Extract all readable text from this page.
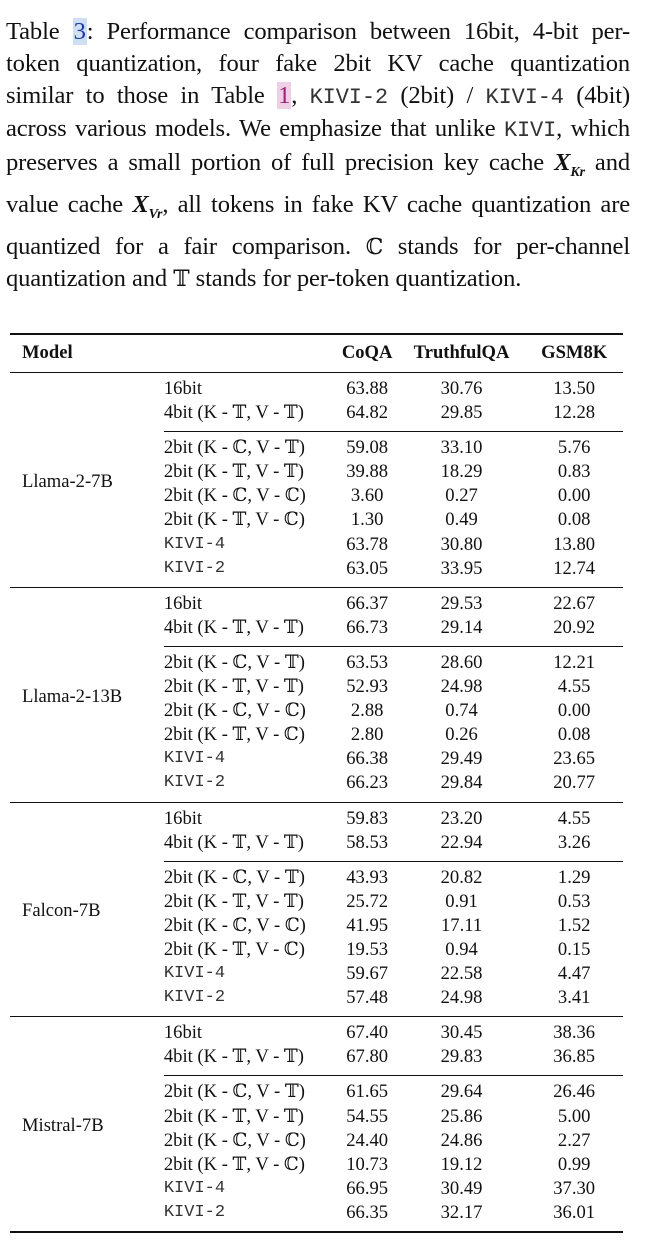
Table 3: Performance comparison between 16bit, 4-bit per-token quantization, four fake 2bit KV cache quantization similar to those in Table 1, KIVI-2 (2bit) / KIVI-4 (4bit) across various models. We emphasize that unlike KIVI, which preserves a small portion of full precision key cache $X_{Kr}$ and value cache $X_{Vr}$, all tokens in fake KV cache quantization are quantized for a fair comparison. ℂ stands for per-channel quantization and 𝕋 stands for per-token quantization.
Model		CoQA	TruthfulQA	GSM8K
Llama-2-7B	16bit	63.88	30.76	13.50
	4bit (K - 𝕋, V - 𝕋)	64.82	29.85	12.28
	2bit (K - ℂ, V - 𝕋)	59.08	33.10	5.76
	2bit (K - 𝕋, V - 𝕋)	39.88	18.29	0.83
	2bit (K - ℂ, V - ℂ)	3.60	0.27	0.00
	2bit (K - 𝕋, V - ℂ)	1.30	0.49	0.08
	KIVI-4	63.78	30.80	13.80
	KIVI-2	63.05	33.95	12.74
Llama-2-13B	16bit	66.37	29.53	22.67
	4bit (K - 𝕋, V - 𝕋)	66.73	29.14	20.92
	2bit (K - ℂ, V - 𝕋)	63.53	28.60	12.21
	2bit (K - 𝕋, V - 𝕋)	52.93	24.98	4.55
	2bit (K - ℂ, V - ℂ)	2.88	0.74	0.00
	2bit (K - 𝕋, V - ℂ)	2.80	0.26	0.08
	KIVI-4	66.38	29.49	23.65
	KIVI-2	66.23	29.84	20.77
Falcon-7B	16bit	59.83	23.20	4.55
	4bit (K - 𝕋, V - 𝕋)	58.53	22.94	3.26
	2bit (K - ℂ, V - 𝕋)	43.93	20.82	1.29
	2bit (K - 𝕋, V - 𝕋)	25.72	0.91	0.53
	2bit (K - ℂ, V - ℂ)	41.95	17.11	1.52
	2bit (K - 𝕋, V - ℂ)	19.53	0.94	0.15
	KIVI-4	59.67	22.58	4.47
	KIVI-2	57.48	24.98	3.41
Mistral-7B	16bit	67.40	30.45	38.36
	4bit (K - 𝕋, V - 𝕋)	67.80	29.83	36.85
	2bit (K - ℂ, V - 𝕋)	61.65	29.64	26.46
	2bit (K - 𝕋, V - 𝕋)	54.55	25.86	5.00
	2bit (K - ℂ, V - ℂ)	24.40	24.86	2.27
	2bit (K - 𝕋, V - ℂ)	10.73	19.12	0.99
	KIVI-4	66.95	30.49	37.30
	KIVI-2	66.35	32.17	36.01
